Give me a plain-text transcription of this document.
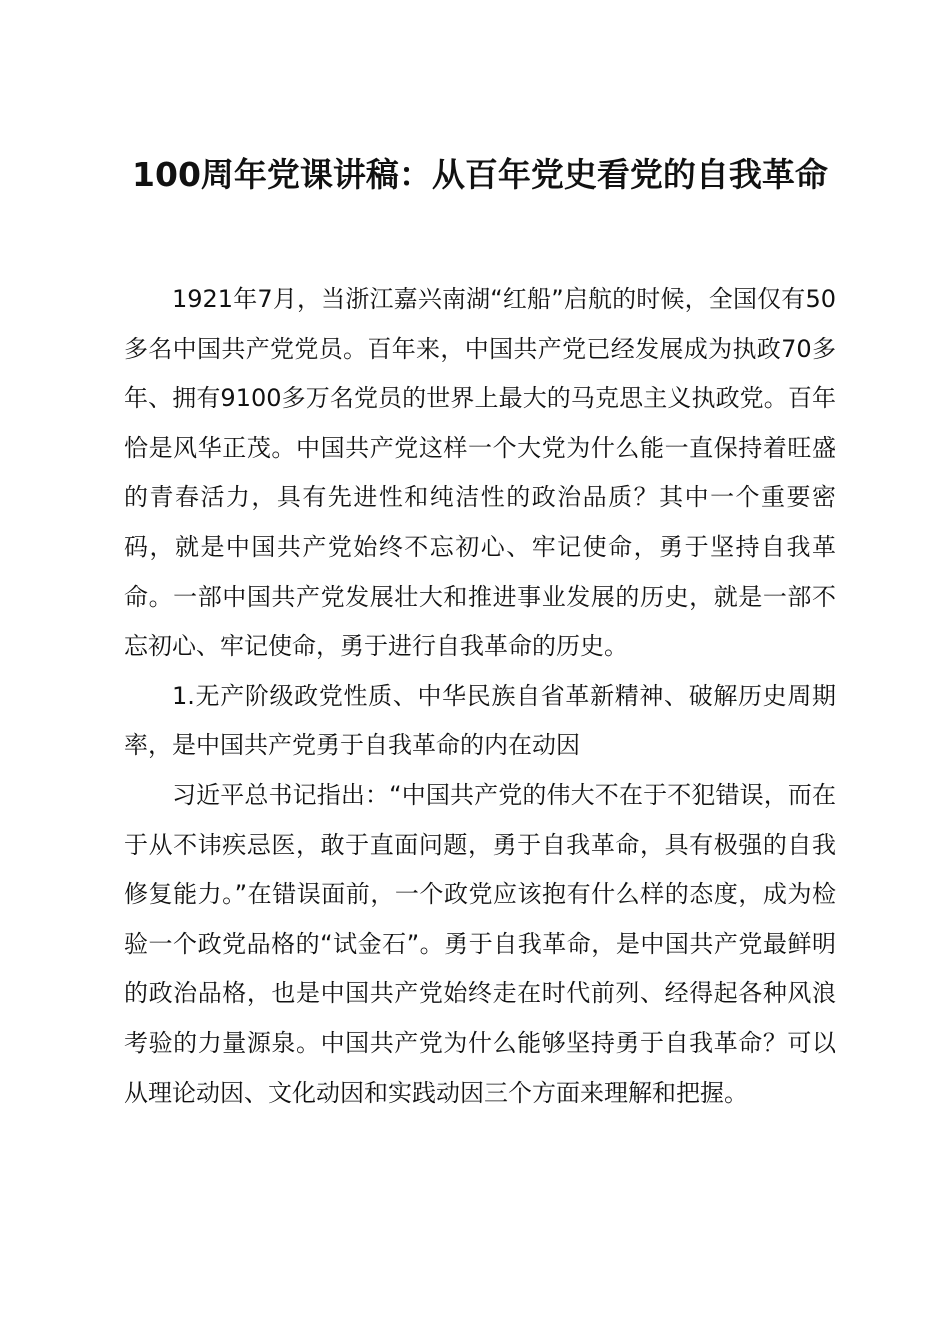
100周年党课讲稿：从百年党史看党的自我革命

1921年7月，当浙江嘉兴南湖“红船”启航的时候，全国仅有50多名中国共产党党员。百年来，中国共产党已经发展成为执政70多年、拥有9100多万名党员的世界上最大的马克思主义执政党。百年恰是风华正茂。中国共产党这样一个大党为什么能一直保持着旺盛的青春活力，具有先进性和纯洁性的政治品质？其中一个重要密码，就是中国共产党始终不忘初心、牢记使命，勇于坚持自我革命。一部中国共产党发展壮大和推进事业发展的历史，就是一部不忘初心、牢记使命，勇于进行自我革命的历史。

1.无产阶级政党性质、中华民族自省革新精神、破解历史周期率，是中国共产党勇于自我革命的内在动因

习近平总书记指出：“中国共产党的伟大不在于不犯错误，而在于从不讳疾忌医，敢于直面问题，勇于自我革命，具有极强的自我修复能力。”在错误面前，一个政党应该抱有什么样的态度，成为检验一个政党品格的“试金石”。勇于自我革命，是中国共产党最鲜明的政治品格，也是中国共产党始终走在时代前列、经得起各种风浪考验的力量源泉。中国共产党为什么能够坚持勇于自我革命？可以从理论动因、文化动因和实践动因三个方面来理解和把握。
